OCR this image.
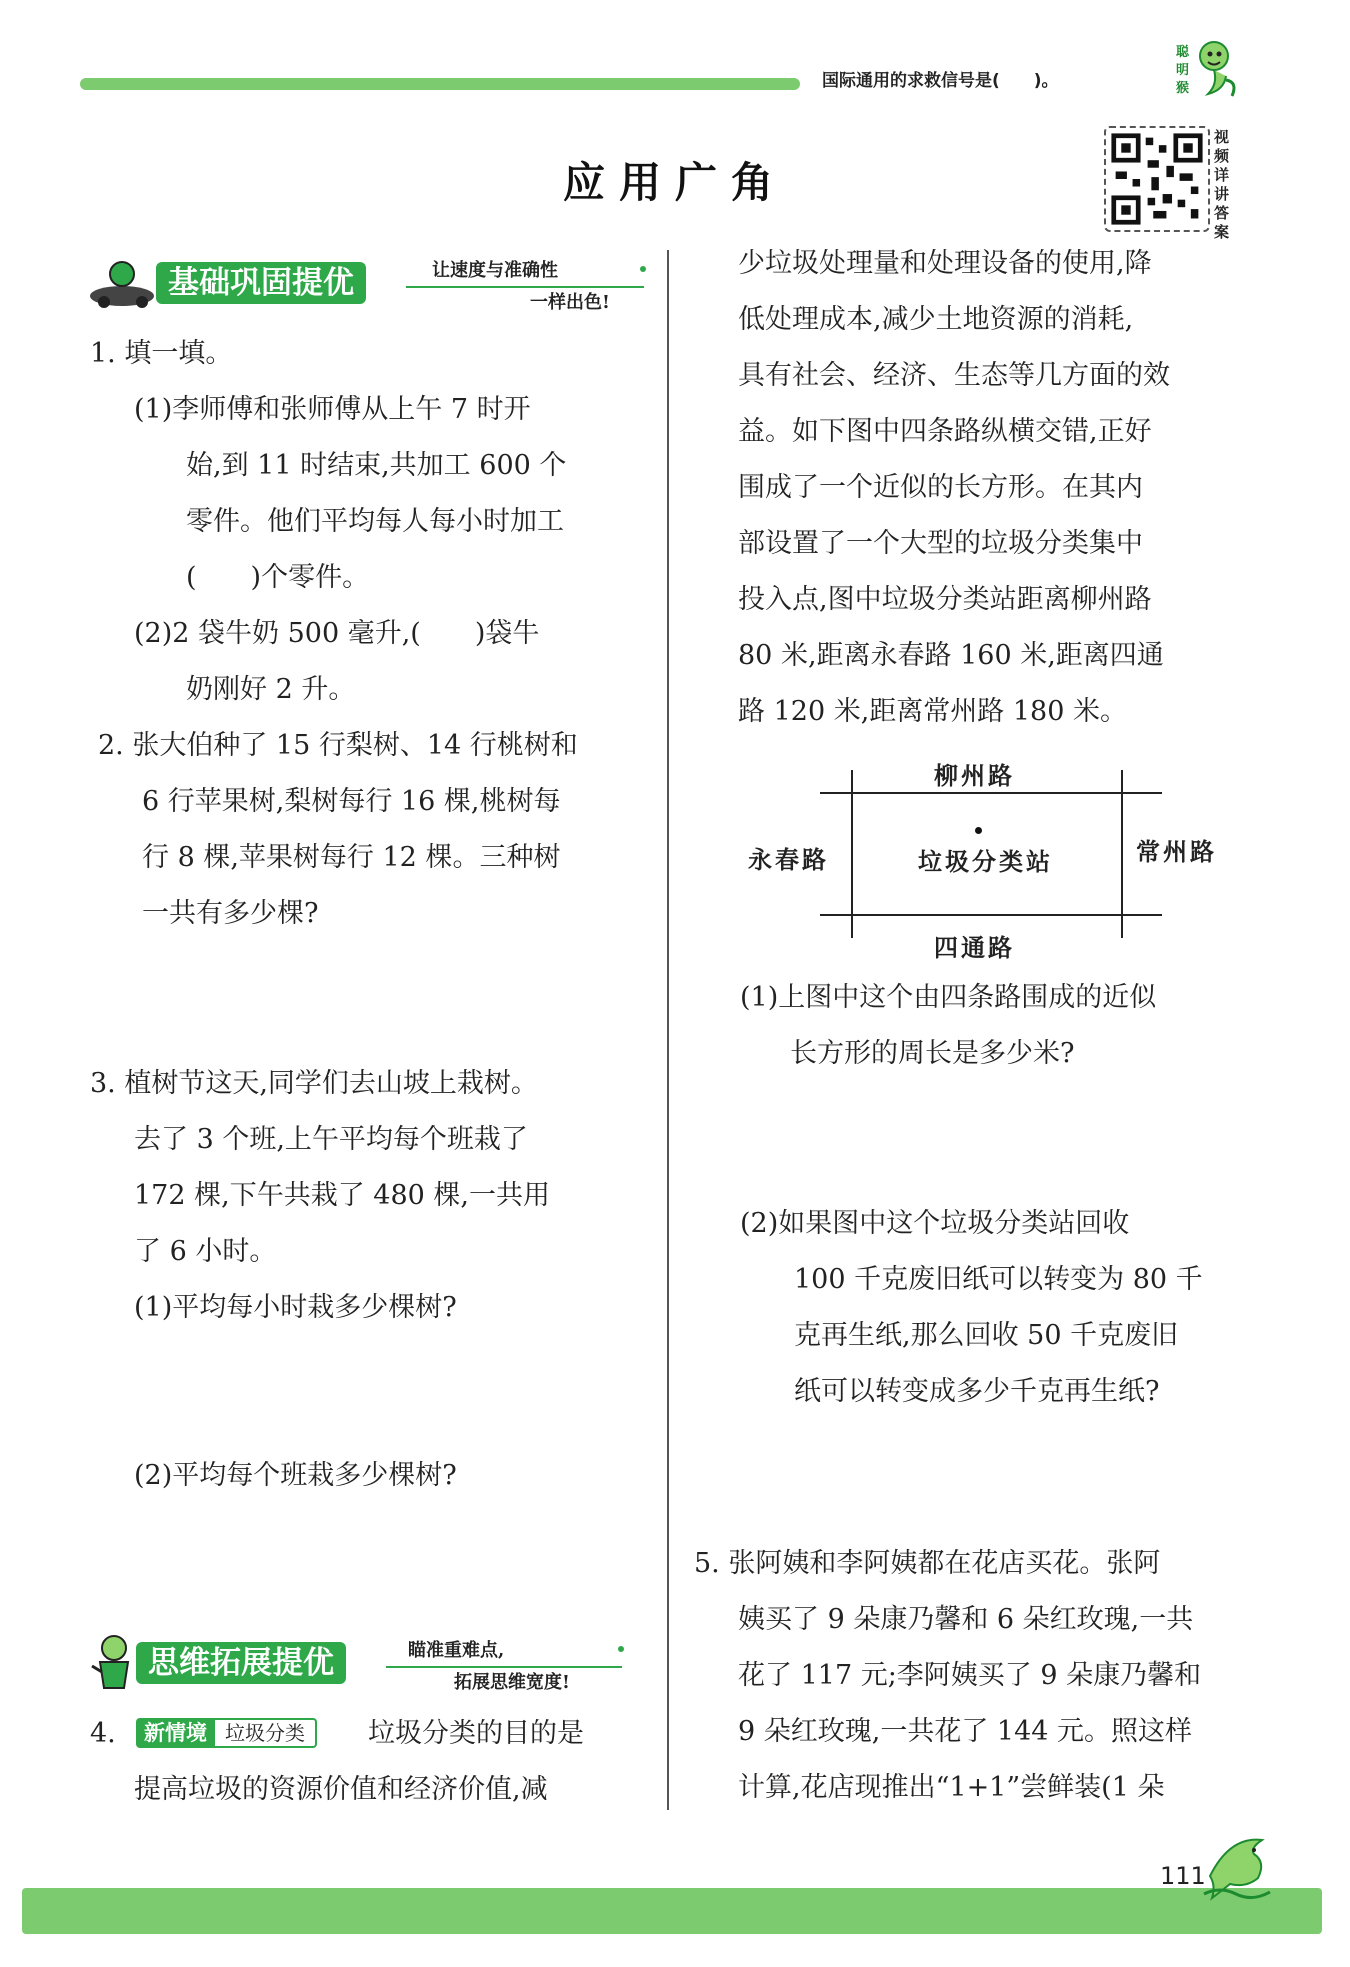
国际通用的求救信号是(　　)。
聪明猴
应用广角
视频详讲答案
基础巩固提优	让速度与准确性
一样出色!
1. 填一填。
(1)李师傅和张师傅从上午 7 时开
始,到 11 时结束,共加工 600 个
零件。他们平均每人每小时加工
(　　)个零件。
(2)2 袋牛奶 500 毫升,(　　)袋牛
奶刚好 2 升。
2. 张大伯种了 15 行梨树、14 行桃树和
6 行苹果树,梨树每行 16 棵,桃树每
行 8 棵,苹果树每行 12 棵。三种树
一共有多少棵?
3. 植树节这天,同学们去山坡上栽树。
去了 3 个班,上午平均每个班栽了
172 棵,下午共栽了 480 棵,一共用
了 6 小时。
(1)平均每小时栽多少棵树?
(2)平均每个班栽多少棵树?
思维拓展提优	瞄准重难点,
拓展思维宽度!
4.	新情境 垃圾分类	垃圾分类的目的是
提高垃圾的资源价值和经济价值,减
少垃圾处理量和处理设备的使用,降
低处理成本,减少土地资源的消耗,
具有社会、经济、生态等几方面的效
益。如下图中四条路纵横交错,正好
围成了一个近似的长方形。在其内
部设置了一个大型的垃圾分类集中
投入点,图中垃圾分类站距离柳州路
80 米,距离永春路 160 米,距离四通
路 120 米,距离常州路 180 米。
柳州路
永春路	常州路
四通路
垃圾分类站
(1)上图中这个由四条路围成的近似
长方形的周长是多少米?
(2)如果图中这个垃圾分类站回收
100 千克废旧纸可以转变为 80 千
克再生纸,那么回收 50 千克废旧
纸可以转变成多少千克再生纸?
5. 张阿姨和李阿姨都在花店买花。张阿
姨买了 9 朵康乃馨和 6 朵红玫瑰,一共
花了 117 元;李阿姨买了 9 朵康乃馨和
9 朵红玫瑰,一共花了 144 元。照这样
计算,花店现推出“1+1”尝鲜装(1 朵
111
